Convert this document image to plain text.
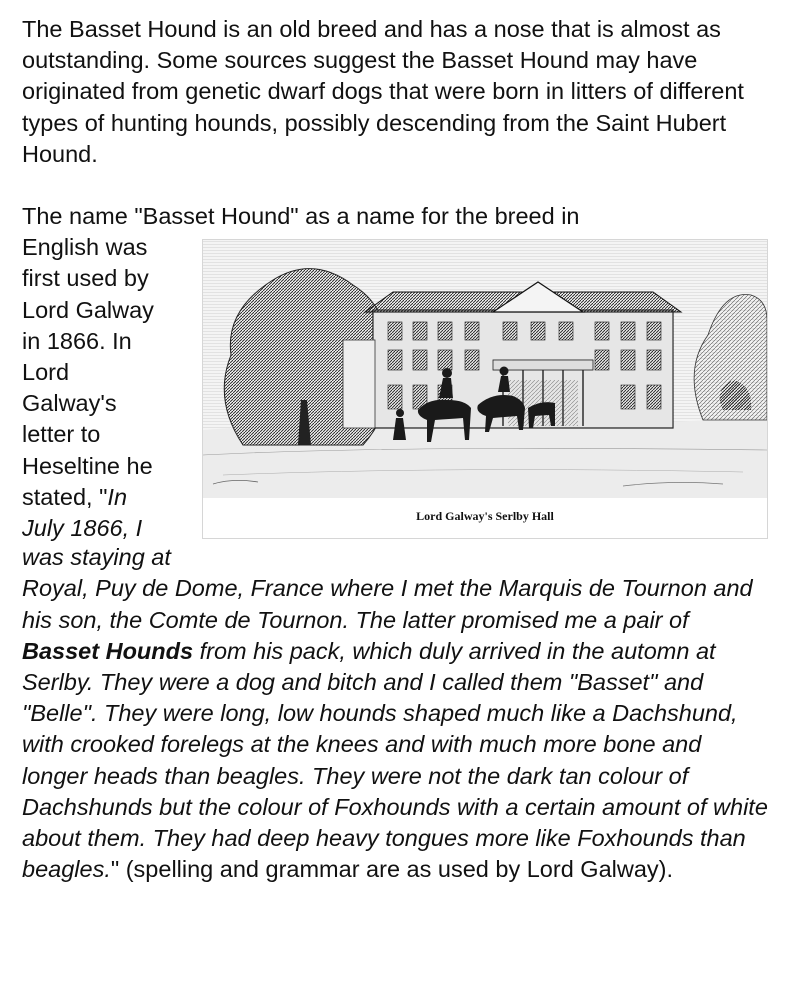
The Basset Hound is an old breed and has a nose that is almost as outstanding. Some sources suggest the Basset Hound may have originated from genetic dwarf dogs that were born in litters of different types of hunting hounds, possibly descending from the Saint Hubert Hound.

The name "Basset Hound" as a name for the breed in
Lord Galway's Serlby Hall
English was
first used by
Lord Galway
in 1866. In
Lord
Galway's
letter to
Heseltine he
stated, "In
July 1866, I

was staying at Royal, Puy de Dome, France where I met the Marquis de Tournon and his son, the Comte de Tournon. The latter promised me a pair of Basset Hounds from his pack, which duly arrived in the automn at Serlby. They were a dog and bitch and I called them "Basset" and "Belle". They were long, low hounds shaped much like a Dachshund, with crooked forelegs at the knees and with much more bone and longer heads than beagles. They were not the dark tan colour of Dachshunds but the colour of Foxhounds with a certain amount of white about them. They had deep heavy tongues more like Foxhounds than beagles." (spelling and grammar are as used by Lord Galway).
